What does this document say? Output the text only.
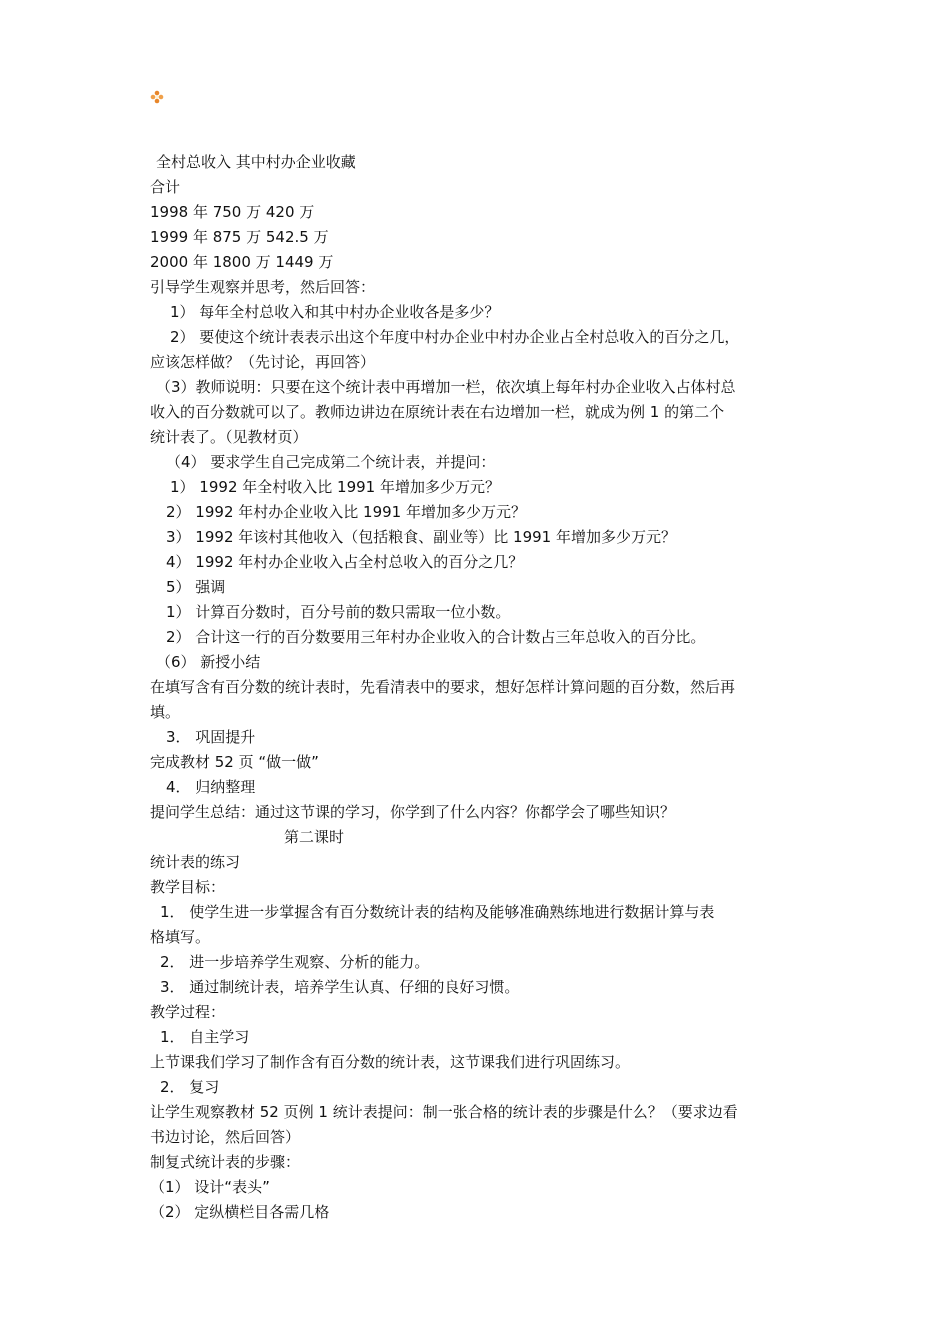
全村总收入 其中村办企业收藏
合计
1998 年 750 万 420 万
1999 年 875 万 542.5 万
2000 年 1800 万 1449 万
引导学生观察并思考，然后回答：
1） 每年全村总收入和其中村办企业收各是多少？
2） 要使这个统计表表示出这个年度中村办企业中村办企业占全村总收入的百分之几，
应该怎样做？（先讨论，再回答）
（3）教师说明：只要在这个统计表中再增加一栏，依次填上每年村办企业收入占体村总
收入的百分数就可以了。教师边讲边在原统计表在右边增加一栏，就成为例 1 的第二个
统计表了。（见教材页）
（4） 要求学生自己完成第二个统计表，并提问：
1） 1992 年全村收入比 1991 年增加多少万元？
2） 1992 年村办企业收入比 1991 年增加多少万元？
3） 1992 年该村其他收入（包括粮食、副业等）比 1991 年增加多少万元？
4） 1992 年村办企业收入占全村总收入的百分之几？
5） 强调
1） 计算百分数时，百分号前的数只需取一位小数。
2） 合计这一行的百分数要用三年村办企业收入的合计数占三年总收入的百分比。
（6） 新授小结
在填写含有百分数的统计表时，先看清表中的要求，想好怎样计算问题的百分数，然后再
填。
3． 巩固提升
完成教材 52 页 “做一做”
4． 归纳整理
提问学生总结：通过这节课的学习，你学到了什么内容？你都学会了哪些知识？
第二课时
统计表的练习
教学目标：
1． 使学生进一步掌握含有百分数统计表的结构及能够准确熟练地进行数据计算与表
格填写。
2． 进一步培养学生观察、分析的能力。
3． 通过制统计表，培养学生认真、仔细的良好习惯。
教学过程：
1． 自主学习
上节课我们学习了制作含有百分数的统计表，这节课我们进行巩固练习。
2． 复习
让学生观察教材 52 页例 1 统计表提问：制一张合格的统计表的步骤是什么？（要求边看
书边讨论，然后回答）
制复式统计表的步骤：
（1） 设计“表头”
（2） 定纵横栏目各需几格
